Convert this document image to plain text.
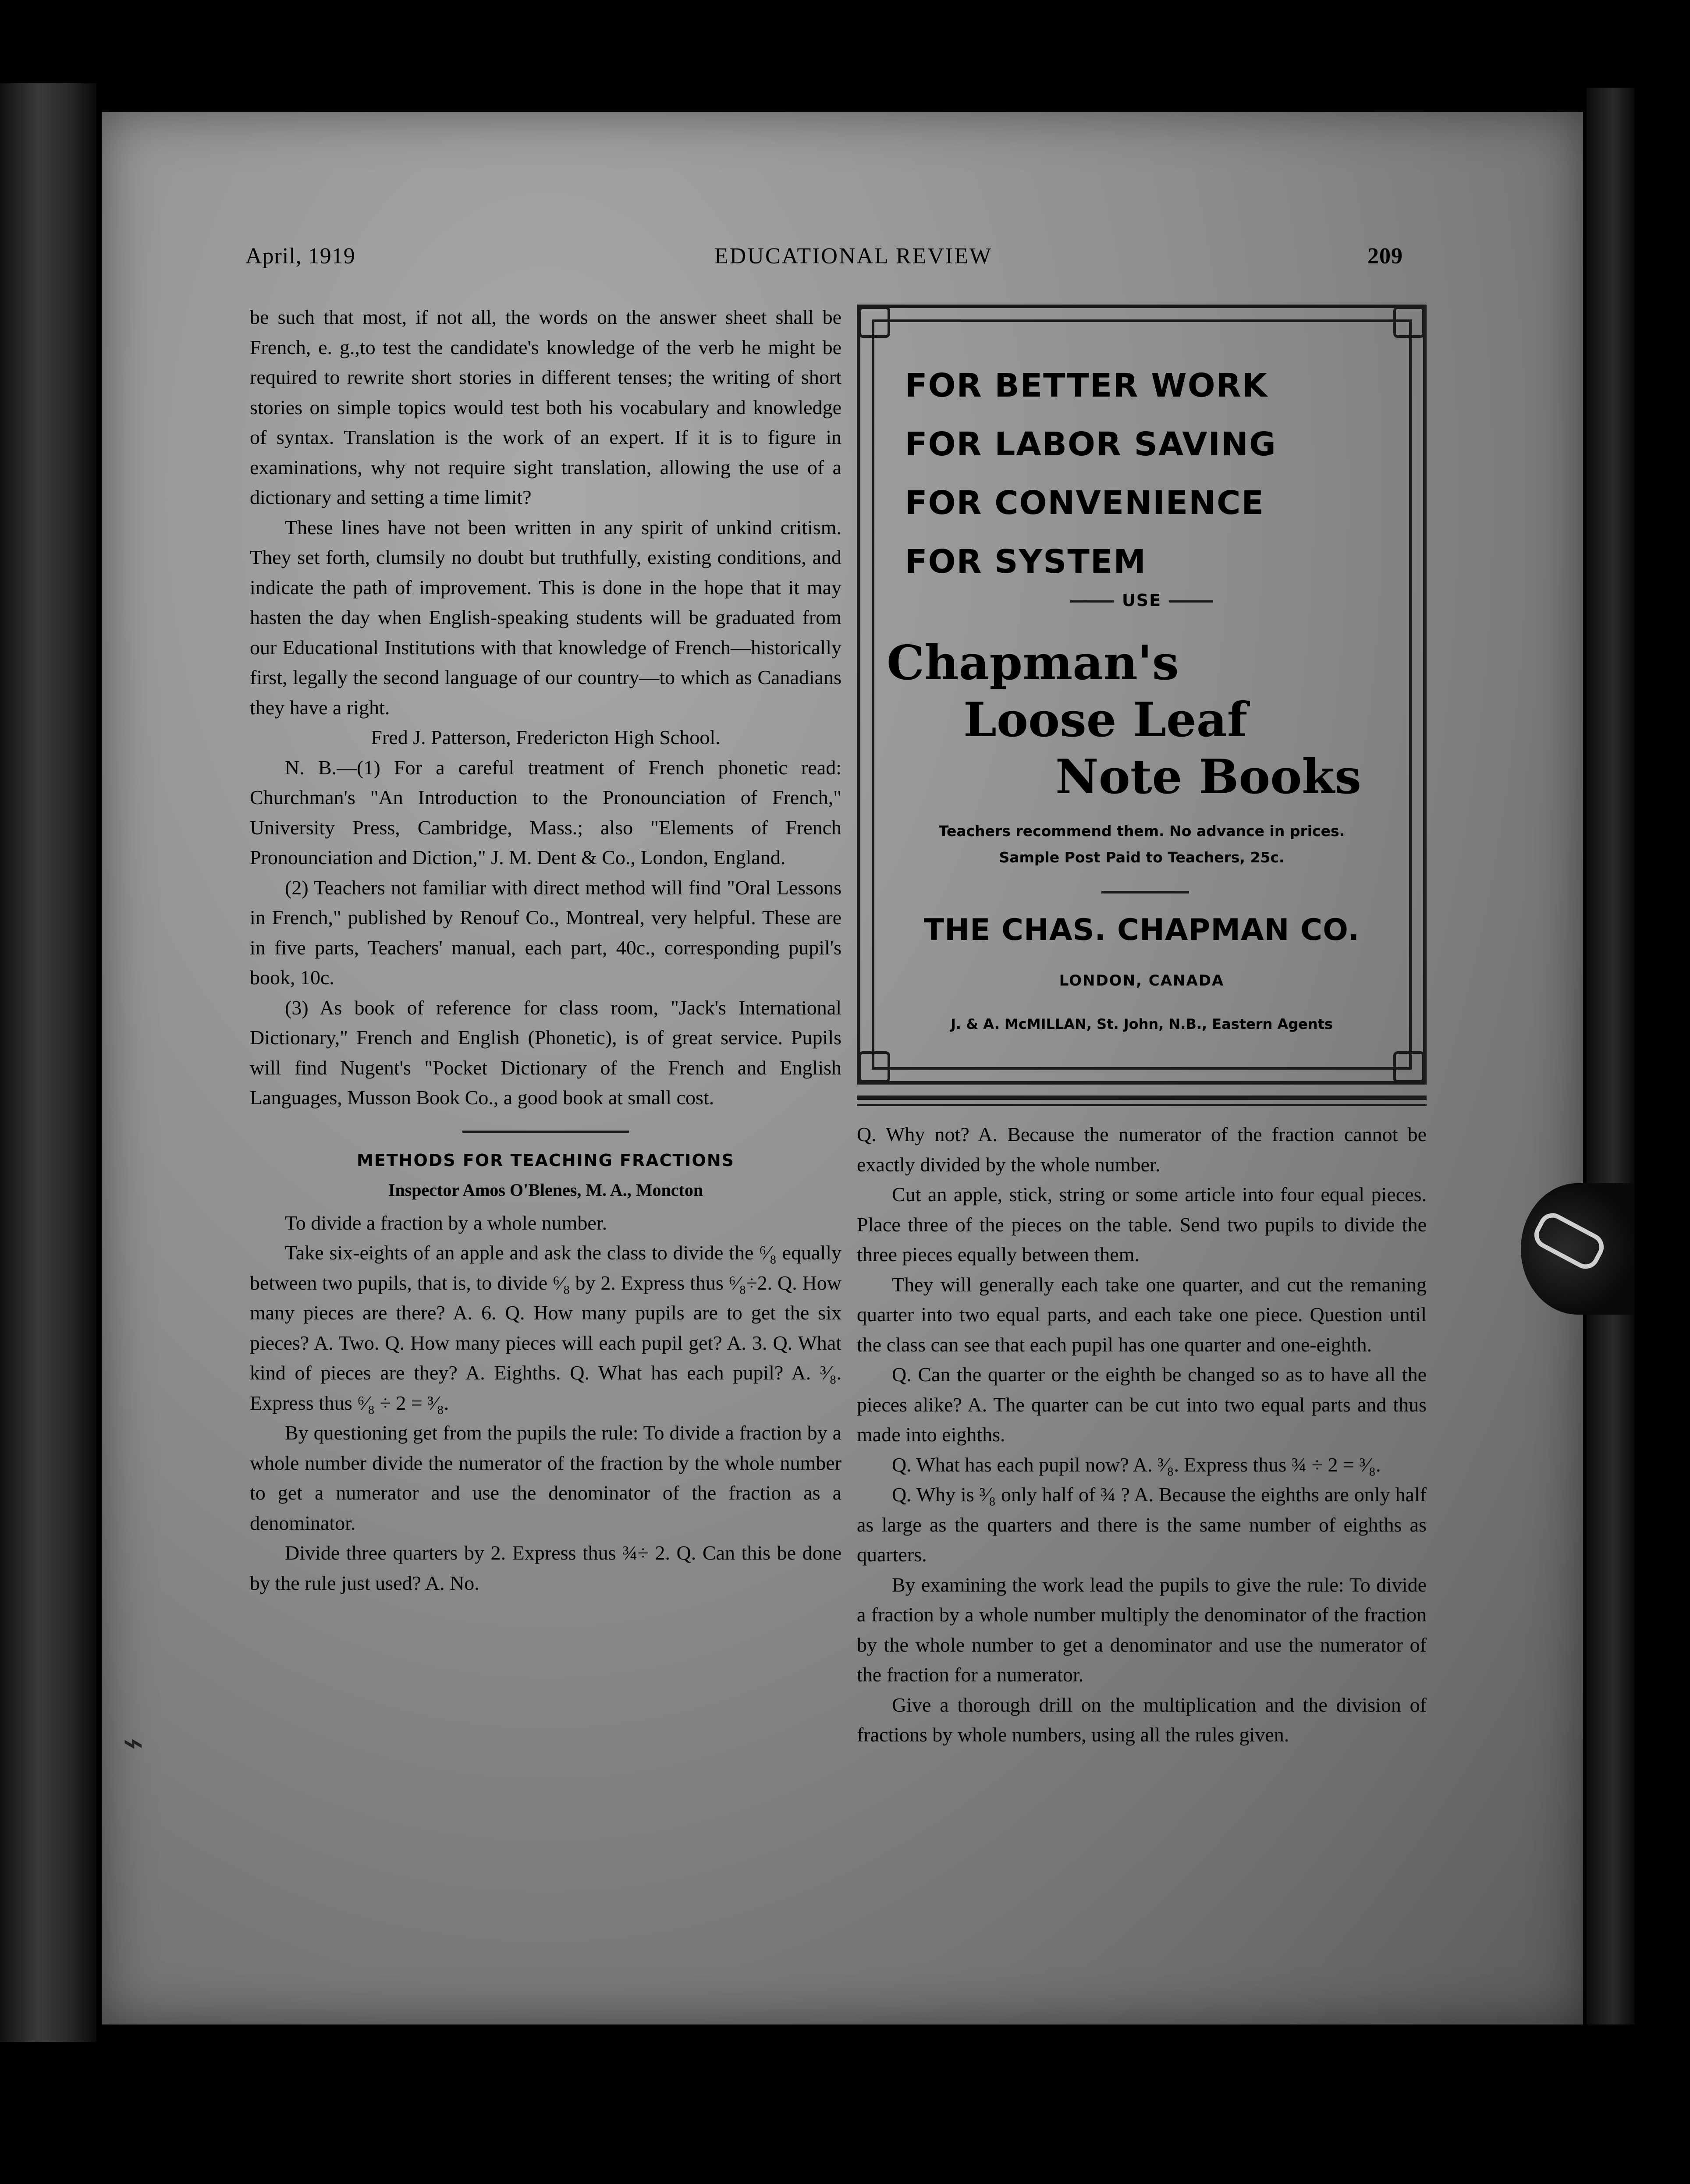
April, 1919	EDUCATIONAL REVIEW	209

be such that most, if not all, the words on the answer sheet shall be French, e. g.,to test the candidate's knowledge of the verb he might be required to rewrite short stories in different tenses; the writing of short stories on simple topics would test both his vocabulary and knowledge of syntax. Translation is the work of an expert. If it is to figure in examinations, why not require sight translation, allowing the use of a dictionary and setting a time limit?

These lines have not been written in any spirit of unkind critism. They set forth, clumsily no doubt but truthfully, existing conditions, and indicate the path of improvement. This is done in the hope that it may hasten the day when English-speaking students will be graduated from our Educational Institutions with that knowledge of French—historically first, legally the second language of our country—to which as Canadians they have a right.

Fred J. Patterson, Fredericton High School.

N. B.—(1) For a careful treatment of French phonetic read: Churchman's "An Introduction to the Pronounciation of French," University Press, Cambridge, Mass.; also "Elements of French Pronounciation and Diction," J. M. Dent & Co., London, England.

(2) Teachers not familiar with direct method will find "Oral Lessons in French," published by Renouf Co., Montreal, very helpful. These are in five parts, Teachers' manual, each part, 40c., corresponding pupil's book, 10c.

(3) As book of reference for class room, "Jack's International Dictionary," French and English (Phonetic), is of great service. Pupils will find Nugent's "Pocket Dictionary of the French and English Languages, Musson Book Co., a good book at small cost.

METHODS FOR TEACHING FRACTIONS
Inspector Amos O'Blenes, M. A., Moncton

To divide a fraction by a whole number.

Take six-eights of an apple and ask the class to divide the ⁶⁄₈ equally between two pupils, that is, to divide ⁶⁄₈ by 2. Express thus ⁶⁄₈÷2. Q. How many pieces are there? A. 6. Q. How many pupils are to get the six pieces? A. Two. Q. How many pieces will each pupil get? A. 3. Q. What kind of pieces are they? A. Eighths. Q. What has each pupil? A. ³⁄₈. Express thus ⁶⁄₈ ÷ 2 = ³⁄₈.

By questioning get from the pupils the rule: To divide a fraction by a whole number divide the numerator of the fraction by the whole number to get a numerator and use the denominator of the fraction as a denominator.

Divide three quarters by 2. Express thus ¾÷ 2. Q. Can this be done by the rule just used? A. No.

FOR BETTER WORK
FOR LABOR SAVING
FOR CONVENIENCE
FOR SYSTEM
USE
Chapman's
Loose Leaf
Note Books
Teachers recommend them. No advance in prices.
Sample Post Paid to Teachers, 25c.
THE CHAS. CHAPMAN CO.
LONDON, CANADA
J. & A. McMILLAN, St. John, N.B., Eastern Agents

Q. Why not? A. Because the numerator of the fraction cannot be exactly divided by the whole number.

Cut an apple, stick, string or some article into four equal pieces. Place three of the pieces on the table. Send two pupils to divide the three pieces equally between them.

They will generally each take one quarter, and cut the remaning quarter into two equal parts, and each take one piece. Question until the class can see that each pupil has one quarter and one-eighth.

Q. Can the quarter or the eighth be changed so as to have all the pieces alike? A. The quarter can be cut into two equal parts and thus made into eighths.

Q. What has each pupil now? A. ³⁄₈. Express thus ¾ ÷ 2 = ³⁄₈.

Q. Why is ³⁄₈ only half of ¾ ? A. Because the eighths are only half as large as the quarters and there is the same number of eighths as quarters.

By examining the work lead the pupils to give the rule: To divide a fraction by a whole number multiply the denominator of the fraction by the whole number to get a denominator and use the numerator of the fraction for a numerator.

Give a thorough drill on the multiplication and the division of fractions by whole numbers, using all the rules given.

⌁
